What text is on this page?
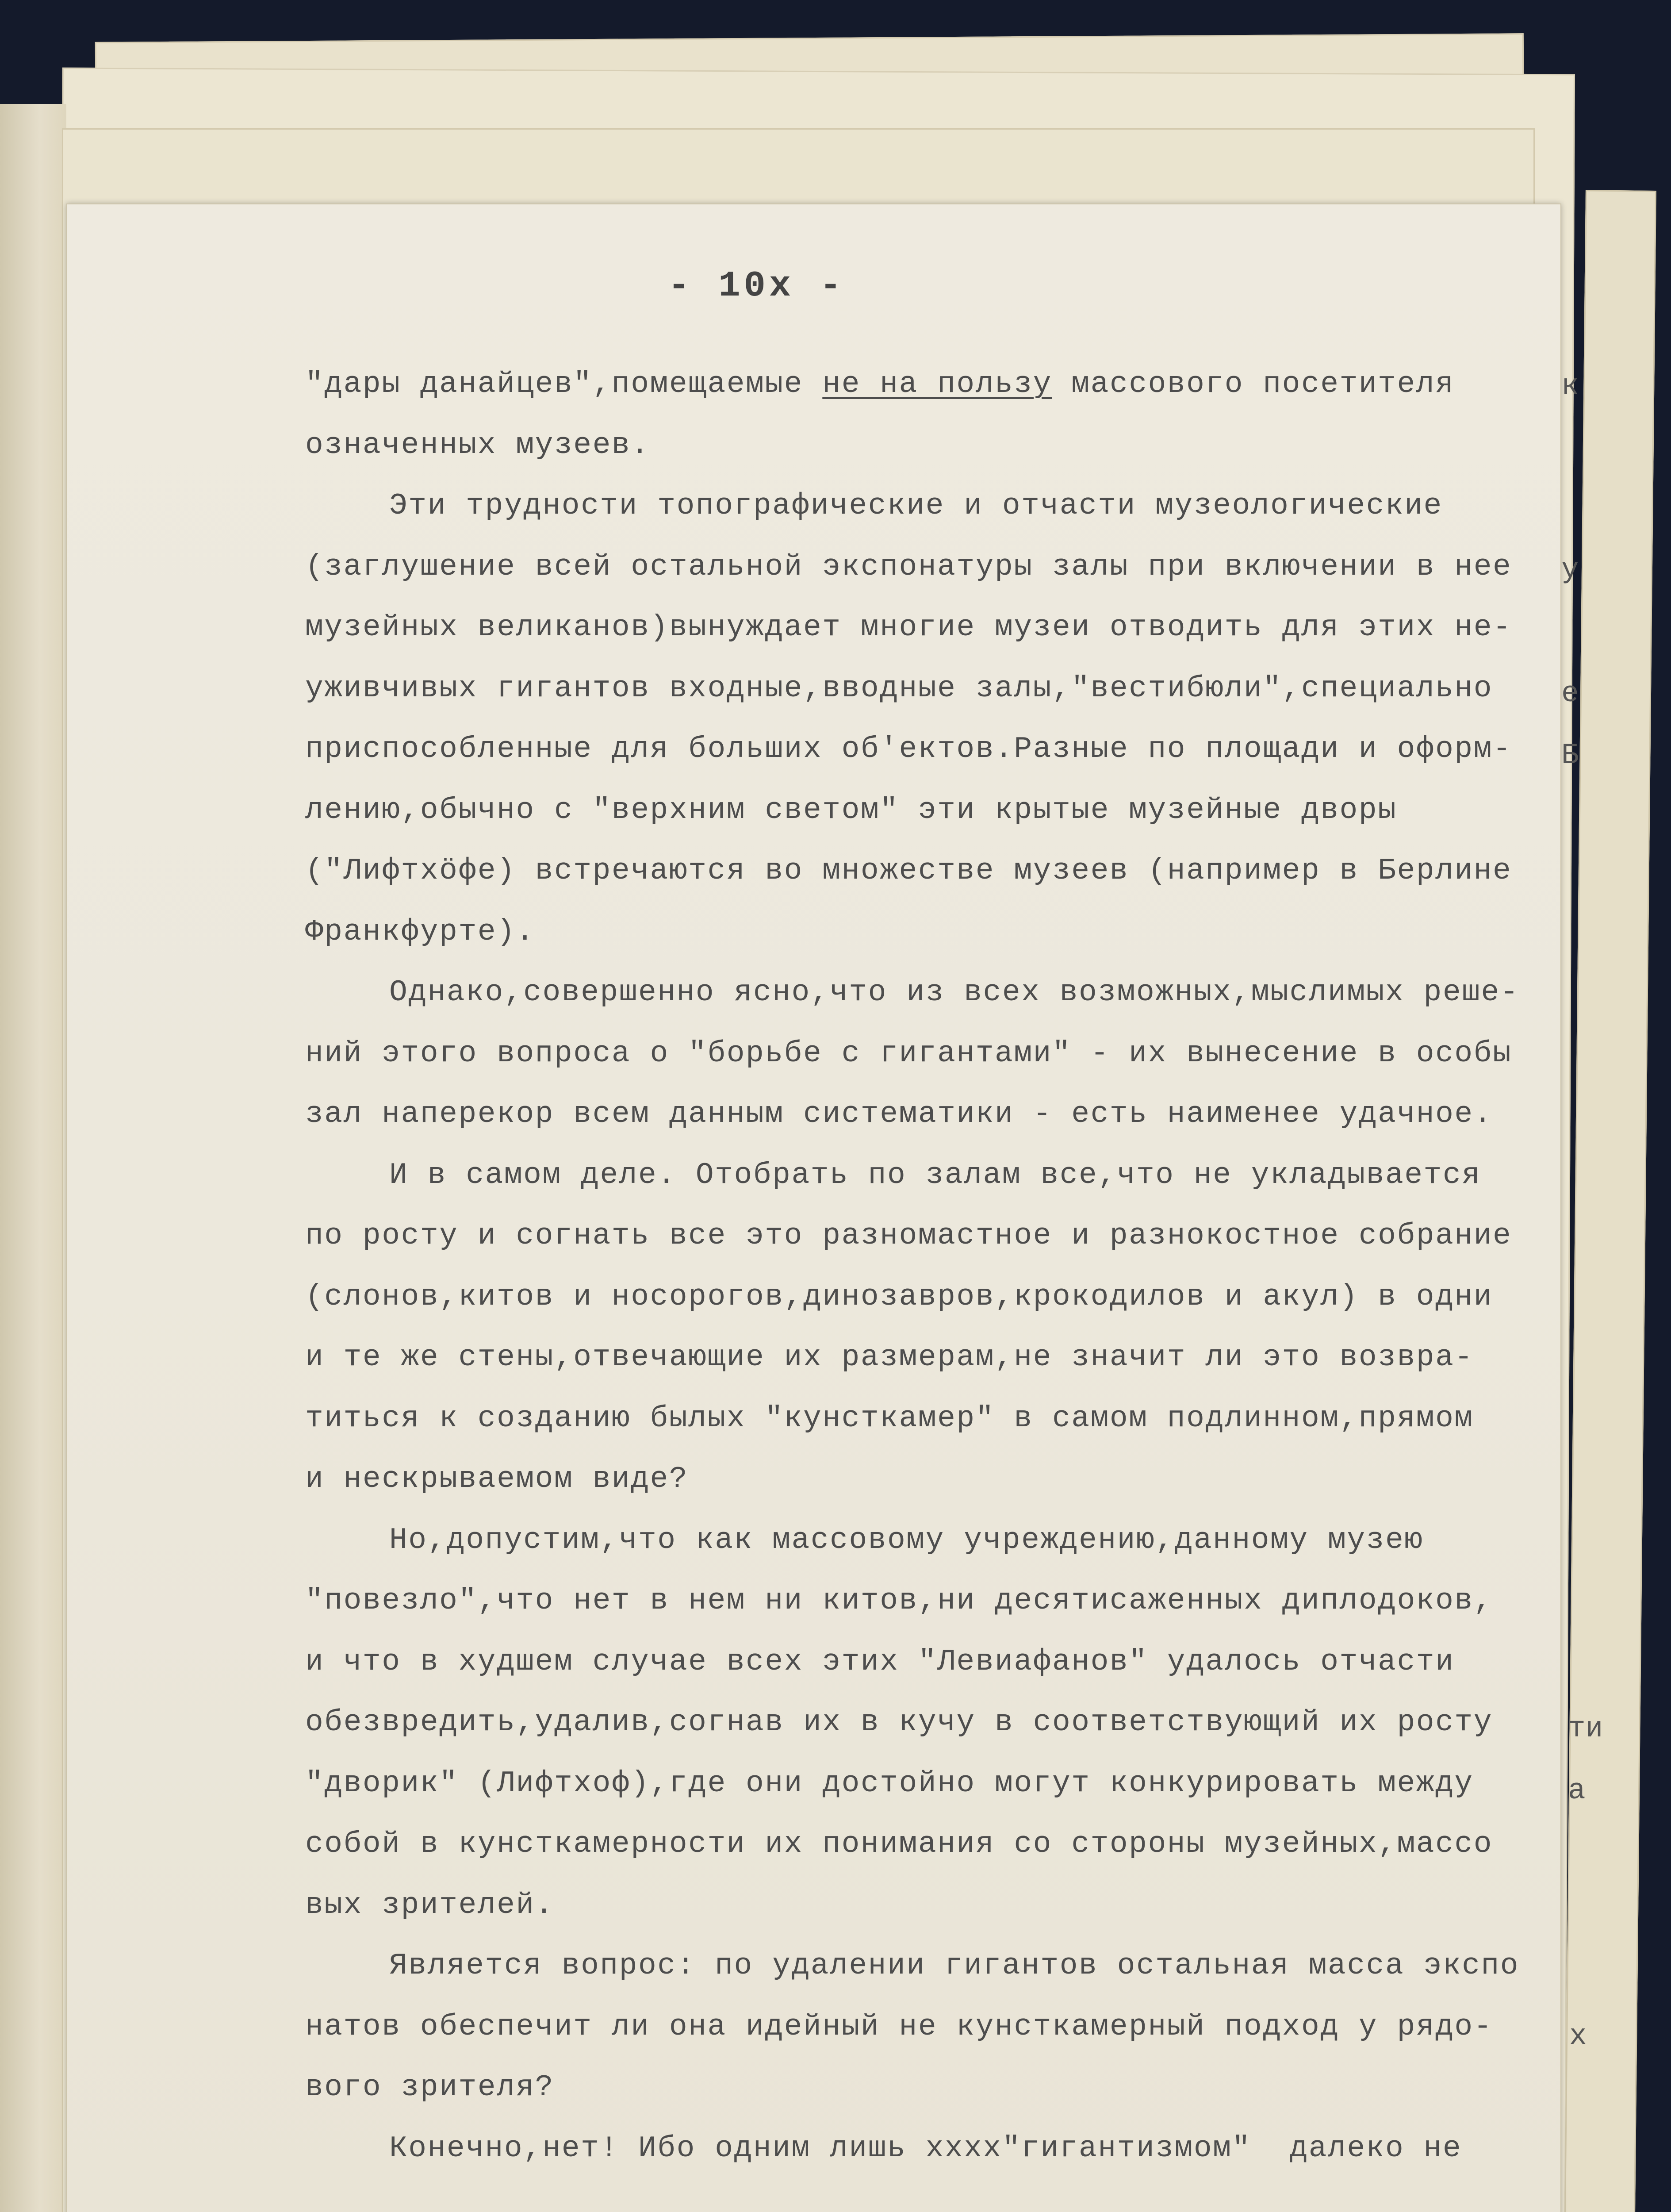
- 10х -
"дары данайцев",помещаемые не на пользу массового посетителя
означенных музеев.
Эти трудности топографические и отчасти музеологические
(заглушение всей остальной экспонатуры залы при включении в нее
музейных великанов)вынуждает многие музеи отводить для этих не-
уживчивых гигантов входные,вводные залы,"вестибюли",специально
приспособленные для больших об'ектов.Разные по площади и оформ-
лению,обычно с "верхним светом" эти крытые музейные дворы
("Лифтхöфе) встречаются во множестве музеев (например в Берлине
Франкфурте).
Однако,совершенно ясно,что из всех возможных,мыслимых реше-
ний этого вопроса о "борьбе с гигантами" - их вынесение в особы
зал наперекор всем данным систематики - есть наименее удачное.
И в самом деле. Отобрать по залам все,что не укладывается
по росту и согнать все это разномастное и разнокостное собрание
(слонов,китов и носорогов,динозавров,крокодилов и акул) в одни
и те же стены,отвечающие их размерам,не значит ли это возвра-
титься к созданию былых "кунсткамер" в самом подлинном,прямом
и нескрываемом виде?
Но,допустим,что как массовому учреждению,данному музею
"повезло",что нет в нем ни китов,ни десятисаженных диплодоков,
и что в худшем случае всех этих "Левиафанов" удалось отчасти
обезвредить,удалив,согнав их в кучу в соответствующий их росту
"дворик" (Лифтхоф),где они достойно могут конкурировать между
собой в кунсткамерности их понимания со стороны музейных,массо
вых зрителей.
Является вопрос: по удалении гигантов остальная масса экспо
натов обеспечит ли она идейный не кунсткамерный подход у рядо-
вого зрителя?
Конечно,нет! Ибо одним лишь хххх"гигантизмом"  далеко не
к
у
е
Б
ти
а
х
